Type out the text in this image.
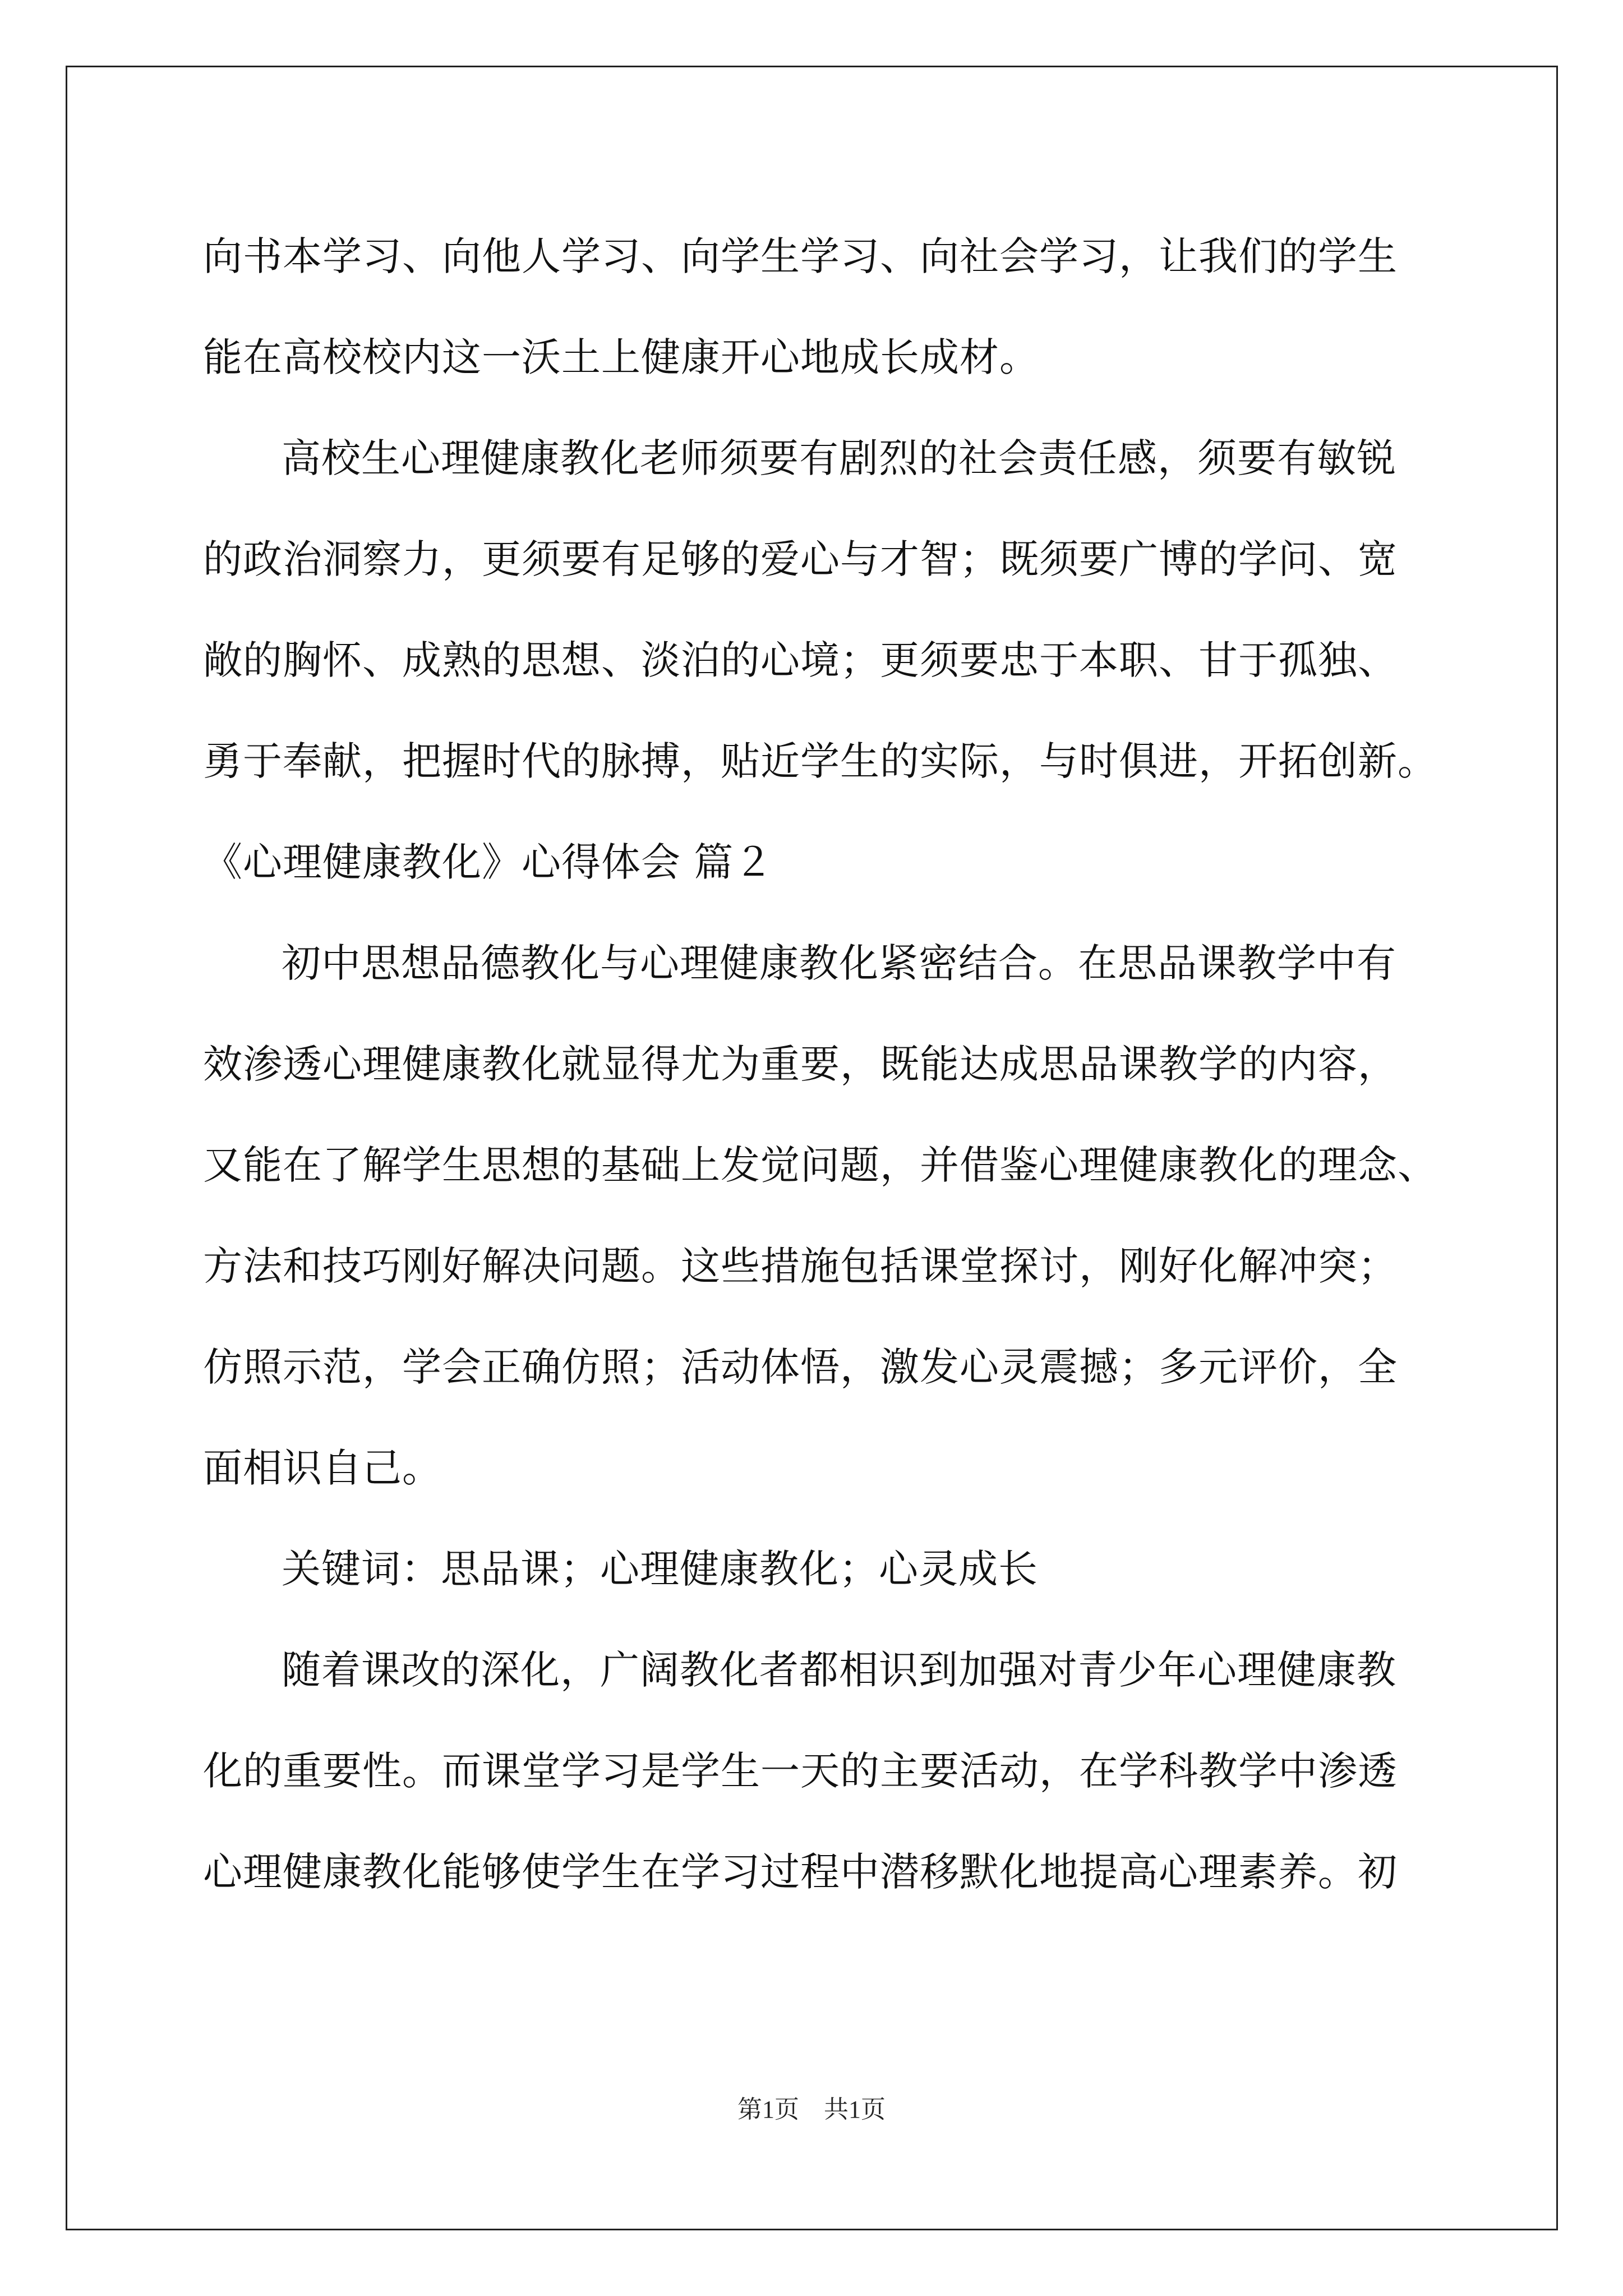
向书本学习、向他人学习、向学生学习、向社会学习，让我们的学生
能在高校校内这一沃土上健康开心地成长成材。
高校生心理健康教化老师须要有剧烈的社会责任感，须要有敏锐
的政治洞察力，更须要有足够的爱心与才智；既须要广博的学问、宽
敞的胸怀、成熟的思想、淡泊的心境；更须要忠于本职、甘于孤独、
勇于奉献，把握时代的脉搏，贴近学生的实际，与时俱进，开拓创新。
《心理健康教化》心得体会 篇２
初中思想品德教化与心理健康教化紧密结合。在思品课教学中有
效渗透心理健康教化就显得尤为重要，既能达成思品课教学的内容，
又能在了解学生思想的基础上发觉问题，并借鉴心理健康教化的理念、
方法和技巧刚好解决问题。这些措施包括课堂探讨，刚好化解冲突；
仿照示范，学会正确仿照；活动体悟，激发心灵震撼；多元评价，全
面相识自己。
关键词：思品课；心理健康教化；心灵成长
随着课改的深化，广阔教化者都相识到加强对青少年心理健康教
化的重要性。而课堂学习是学生一天的主要活动，在学科教学中渗透
心理健康教化能够使学生在学习过程中潜移默化地提高心理素养。初
第1页　共1页
